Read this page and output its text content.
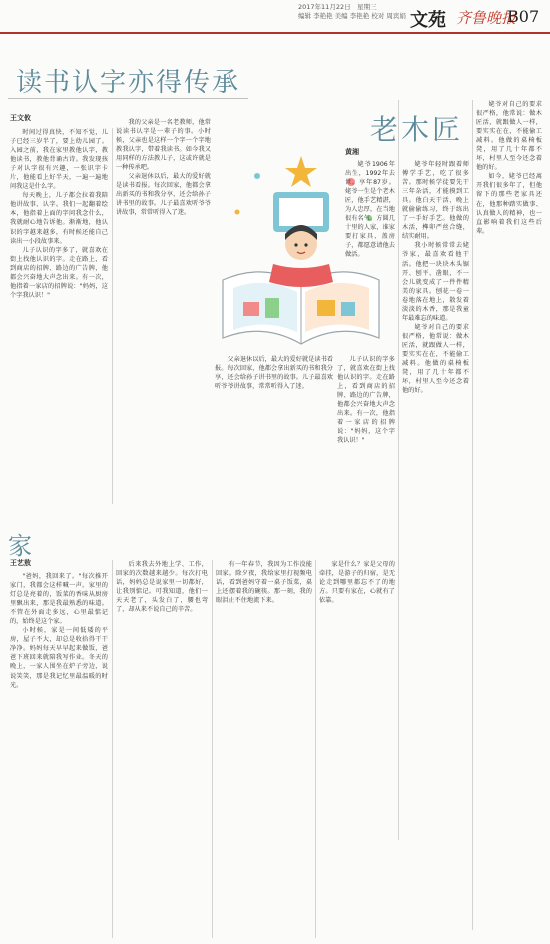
2017年11月22日　星期三
编辑 李艳艳 美编 李艳艳 校对 周宾娟 文苑 齐鲁晚报
B07
读书认字亦得传承
王文攸

时间过得真快，不知不觉，儿子已经三岁半了，要上幼儿园了。入园之前，我在家里教他认字，教他读书，教他背诵古诗。我发现孩子对认字很有兴趣，一张识字卡片，他能看上好半天，一遍一遍地问我这是什么字。

每天晚上，儿子都会拉着我陪他讲故事、认字。我们一起翻着绘本，他指着上面的字问我念什么，我就耐心地告诉他。渐渐地，他认识的字越来越多，有时候还能自己读出一小段故事来。

儿子认识的字多了，就喜欢在街上找他认识的字。走在路上，看到商店的招牌、路边的广告牌，他都会兴奋地大声念出来。有一次，他指着一家店的招牌说："妈妈，这个字我认识！"

我的父亲是一名老教师，他常说读书认字是一辈子的事。小时候，父亲也是这样一个字一个字地教我认字，带着我读书。如今我又用同样的方法教儿子，这或许就是一种传承吧。

父亲退休以后，最大的爱好就是读书看报。每次回家，他都会拿出新买的书和我分享，还会给孙子讲书里的故事。儿子最喜欢听爷爷讲故事，常常听得入了迷。

父亲退休以后，最大的爱好就是读书看报。每次回家，他都会拿出新买的书和我分享，还会给孙子讲书里的故事。儿子最喜欢听爷爷讲故事，常常听得入了迷。

儿子认识的字多了，就喜欢在街上找他认识的字。走在路上，看到商店的招牌、路边的广告牌，他都会兴奋地大声念出来。有一次，他指着一家店的招牌说："妈妈，这个字我认识！"

老木匠
黄湘

姥爷1906年出生，1992年去世，享年87岁。姥爷一生是个老木匠，他手艺精湛，为人忠厚，在当地很有名气。方圆几十里的人家，谁家要打家具、盖房子，都愿意请他去做活。

姥爷年轻时跟着师傅学手艺，吃了很多苦。那时候学徒要先干三年杂活，才能摸到工具。他白天干活，晚上就偷偷练习，终于练出了一手好手艺。他做的木活，榫卯严丝合缝，结实耐用。

我小时候常常去姥爷家，最喜欢看他干活。他把一块块木头锯开、刨平、凿眼，不一会儿就变成了一件件精美的家具。刨花一卷一卷地落在地上，散发着淡淡的木香，那是我童年最难忘的味道。

姥爷对自己的要求很严格，他常说：做木匠活，就跟做人一样，要实实在在，不能偷工减料。他做的桌椅板凳，用了几十年都不坏，村里人至今还念着他的好。

姥爷对自己的要求很严格，他常说：做木匠活，就跟做人一样，要实实在在，不能偷工减料。他做的桌椅板凳，用了几十年都不坏，村里人至今还念着他的好。

如今，姥爷已经离开我们很多年了，但他留下的那些老家具还在，他那种踏实做事、认真做人的精神，也一直影响着我们这些后辈。

家
王艺敖

"爸妈，我回来了。"每次推开家门，我都会这样喊一声。家里的灯总是亮着的，饭菜的香味从厨房里飘出来，那是我最熟悉的味道。不管在外面走多远，心里最惦记的，始终是这个家。

小时候，家是一间低矮的平房，屋子不大，却总是收拾得干干净净。妈妈每天早早起来做饭，爸爸下班回来就陪我写作业。冬天的晚上，一家人围坐在炉子旁边，说说笑笑，那是我记忆里最温暖的时光。

后来我去外地上学、工作，回家的次数越来越少。每次打电话，妈妈总是说家里一切都好，让我别惦记。可我知道，他们一天天老了，头发白了，腰也弯了，却从来不说自己的辛苦。

有一年春节，我因为工作没能回家。除夕夜，我给家里打视频电话，看到爸妈守着一桌子饭菜，桌上还摆着我的碗筷。那一刻，我的眼泪止不住地流下来。

家是什么？家是父母的牵挂，是游子的归宿，是无论走到哪里都忘不了的地方。只要有家在，心就有了依靠。
